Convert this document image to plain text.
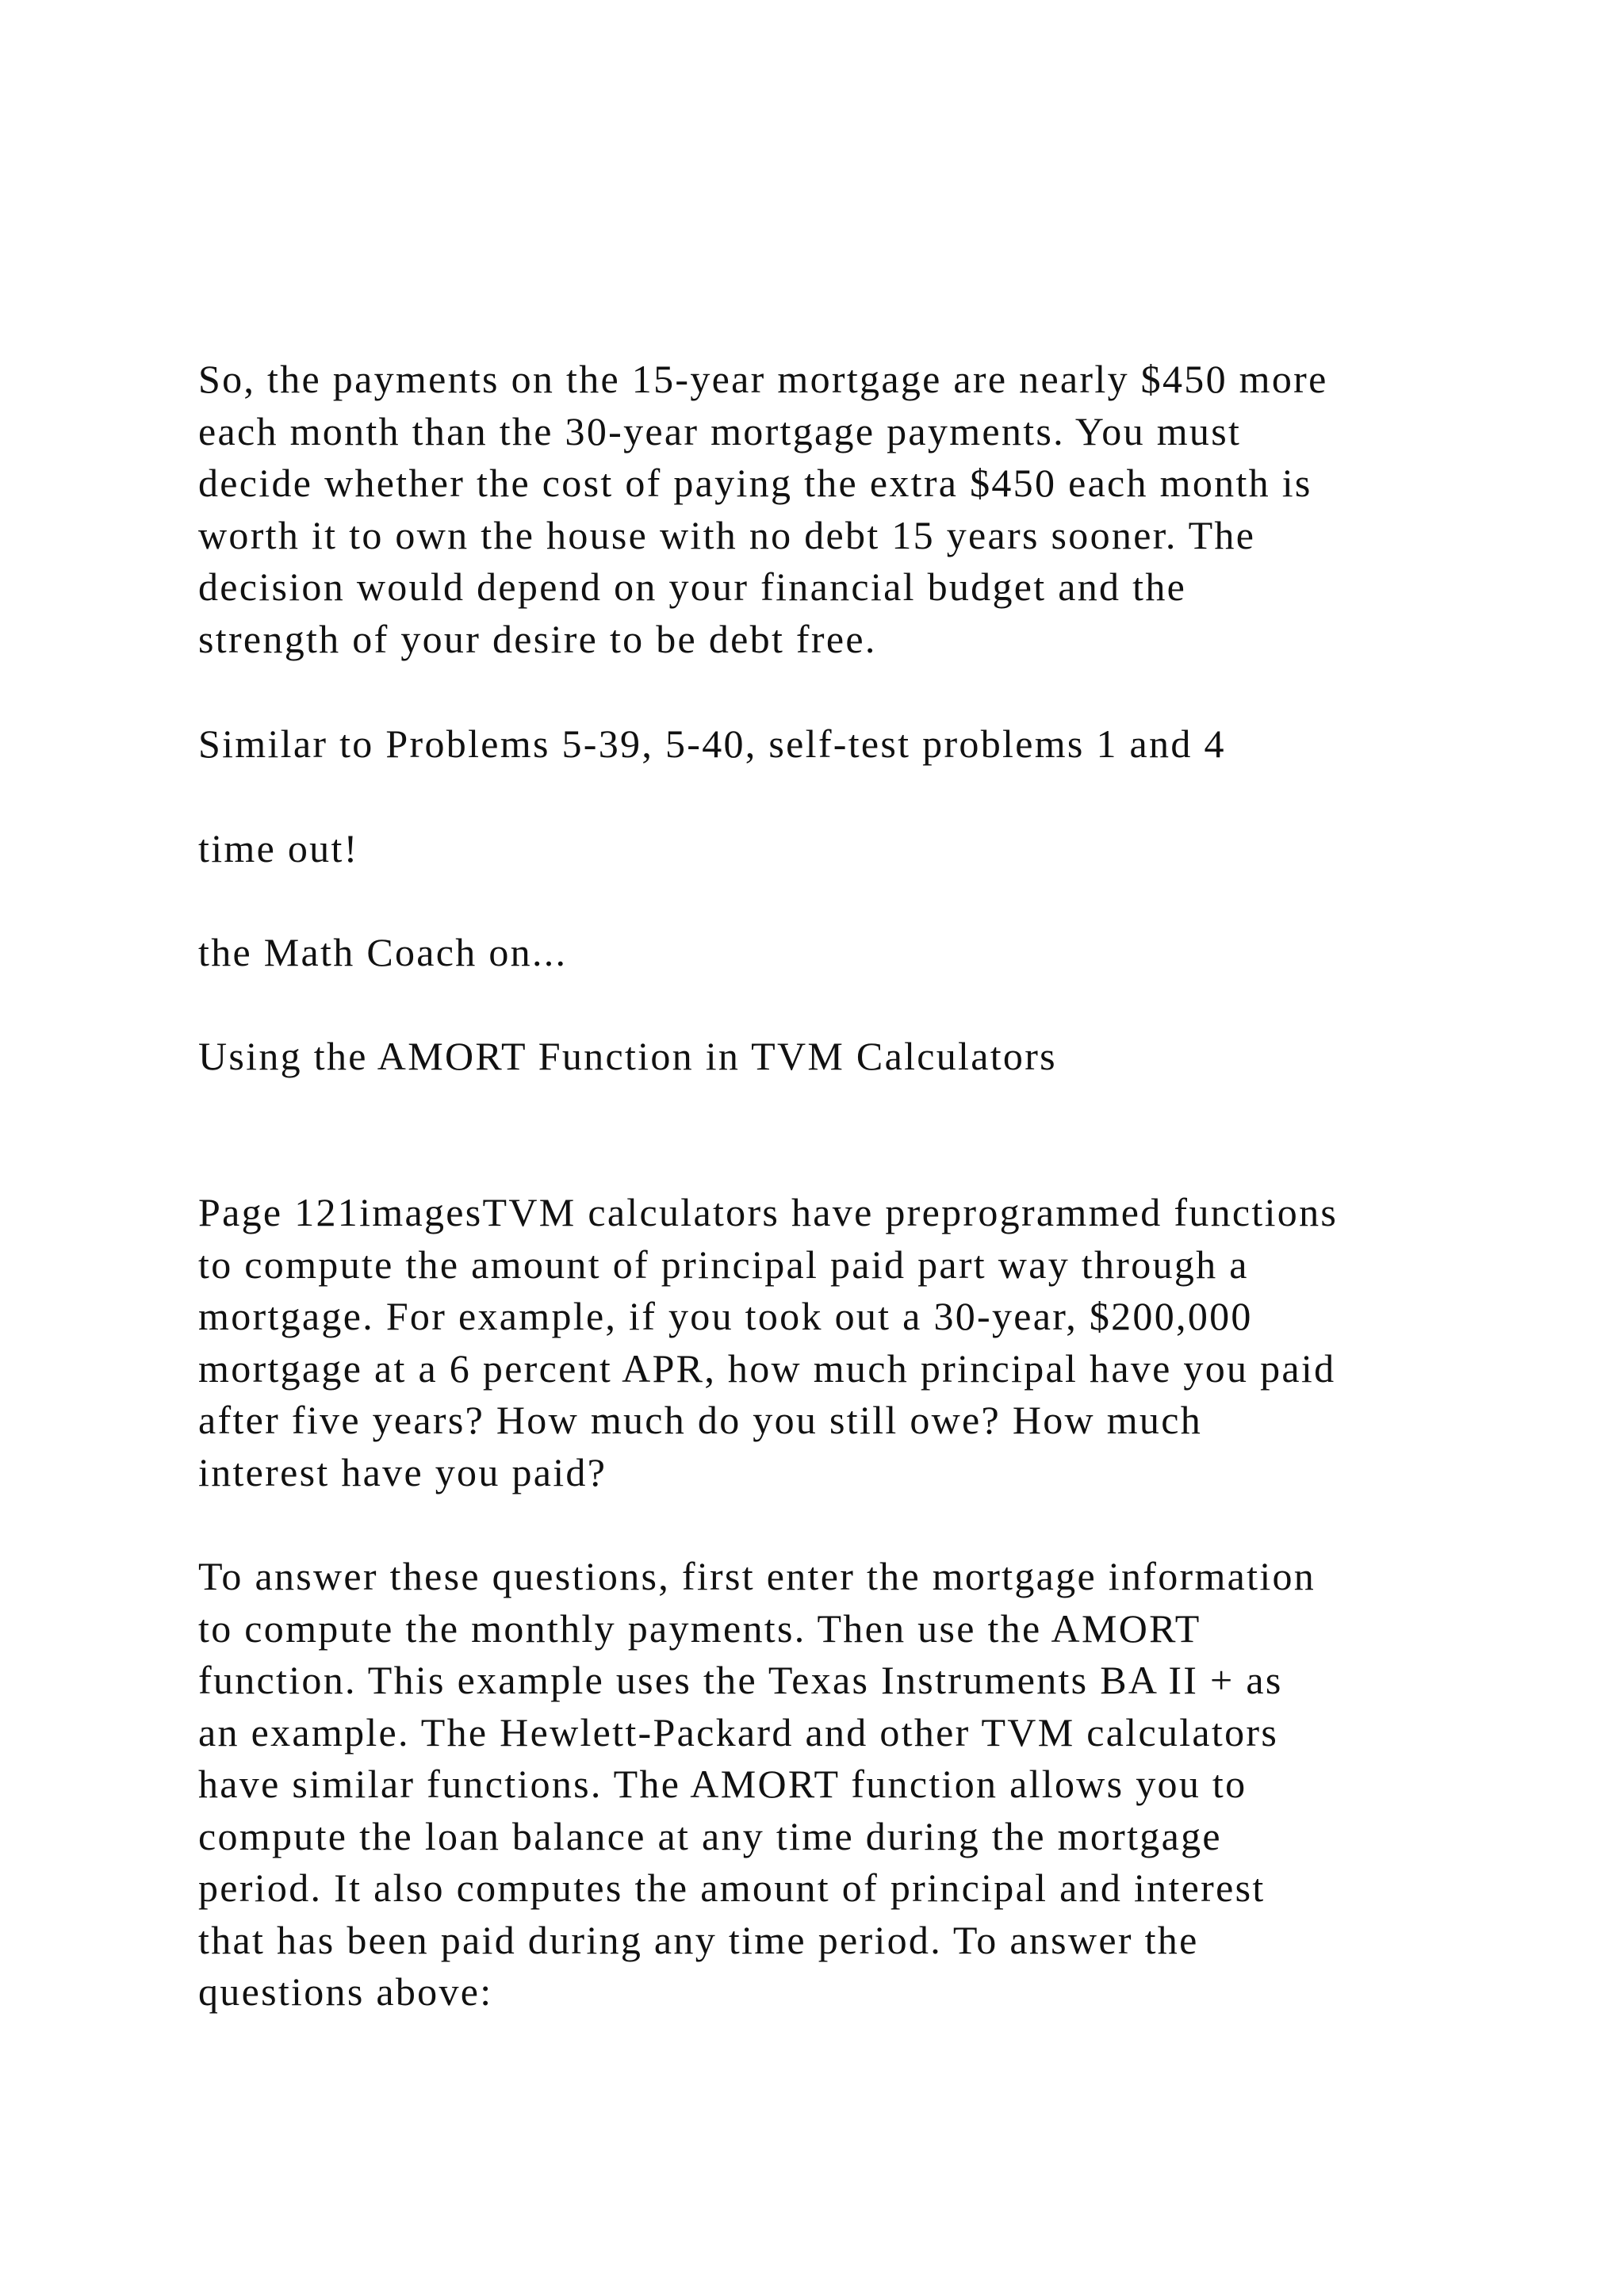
So, the payments on the 15-year mortgage are nearly $450 more
each month than the 30-year mortgage payments. You must
decide whether the cost of paying the extra $450 each month is
worth it to own the house with no debt 15 years sooner. The
decision would depend on your financial budget and the
strength of your desire to be debt free.

Similar to Problems 5-39, 5-40, self-test problems 1 and 4

time out!

the Math Coach on...

Using the AMORT Function in TVM Calculators

Page 121imagesTVM calculators have preprogrammed functions
to compute the amount of principal paid part way through a
mortgage. For example, if you took out a 30-year, $200,000
mortgage at a 6 percent APR, how much principal have you paid
after five years? How much do you still owe? How much
interest have you paid?

To answer these questions, first enter the mortgage information
to compute the monthly payments. Then use the AMORT
function. This example uses the Texas Instruments BA II + as
an example. The Hewlett-Packard and other TVM calculators
have similar functions. The AMORT function allows you to
compute the loan balance at any time during the mortgage
period. It also computes the amount of principal and interest
that has been paid during any time period. To answer the
questions above:
